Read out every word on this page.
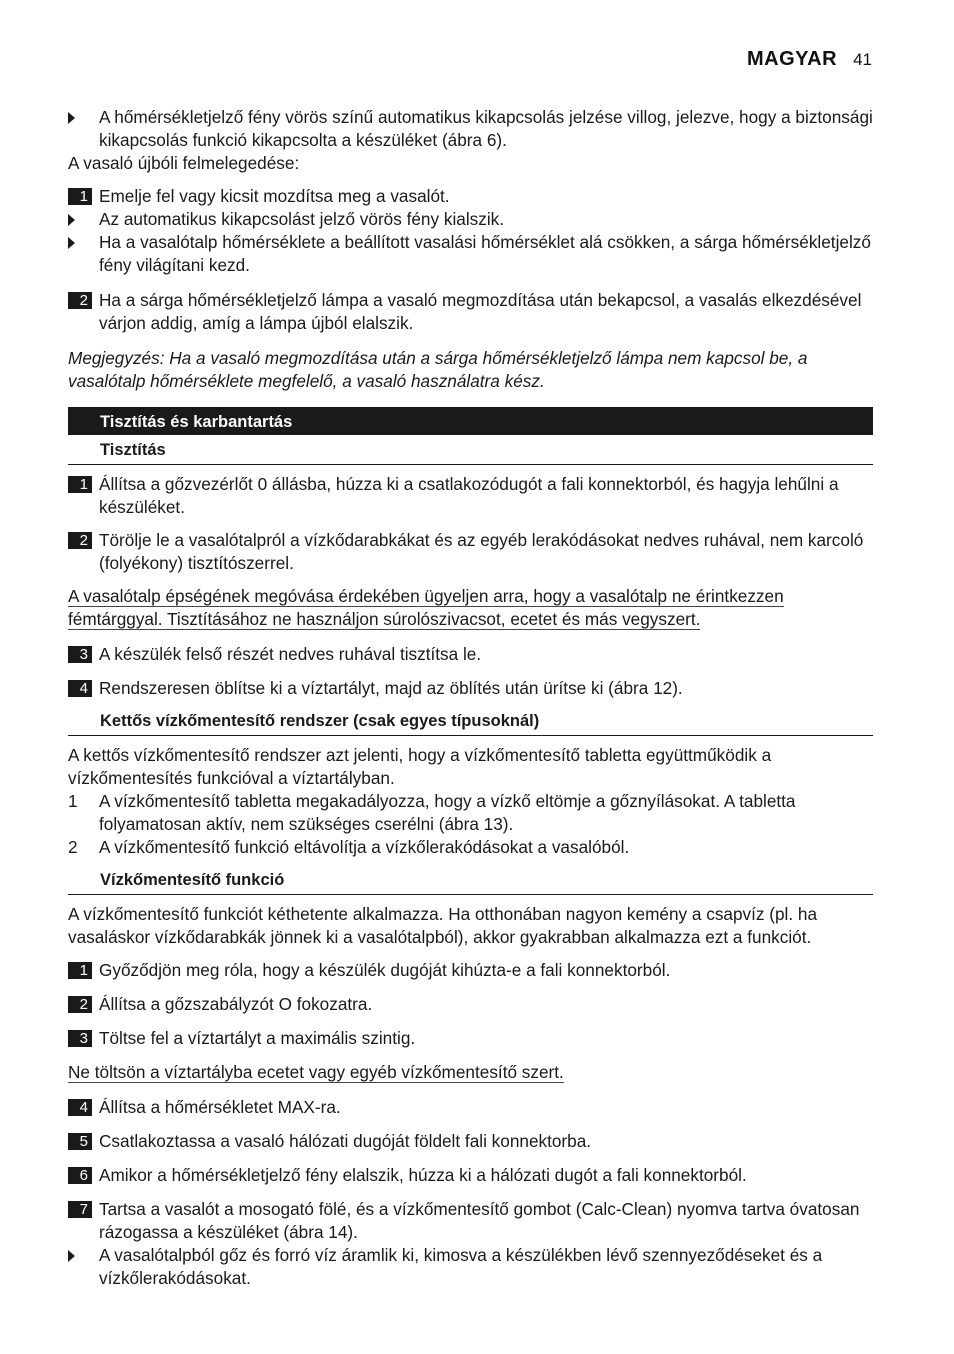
MAGYAR 41
A hőmérsékletjelző fény vörös színű automatikus kikapcsolás jelzése villog, jelezve, hogy a biztonsági kikapcsolás funkció kikapcsolta a készüléket (ábra 6).
A vasaló újbóli felmelegedése:
1 Emelje fel vagy kicsit mozdítsa meg a vasalót.
Az automatikus kikapcsolást jelző vörös fény kialszik.
Ha a vasalótalp hőmérséklete a beállított vasalási hőmérséklet alá csökken, a sárga hőmérsékletjelző fény világítani kezd.
2 Ha a sárga hőmérsékletjelző lámpa a vasaló megmozdítása után bekapcsol, a vasalás elkezdésével várjon addig, amíg a lámpa újból elalszik.
Megjegyzés: Ha a vasaló megmozdítása után a sárga hőmérsékletjelző lámpa nem kapcsol be, a vasalótalp hőmérséklete megfelelő, a vasaló használatra kész.
Tisztítás és karbantartás
Tisztítás
1 Állítsa a gőzvezérlőt 0 állásba, húzza ki a csatlakozódugót a fali konnektorból, és hagyja lehűlni a készüléket.
2 Törölje le a vasalótalpról a vízkődarabkákat és az egyéb lerakódásokat nedves ruhával, nem karcoló (folyékony) tisztítószerrel.
A vasalótalp épségének megóvása érdekében ügyeljen arra, hogy a vasalótalp ne érintkezzen
fémtárggyal. Tisztításához ne használjon súrolószivacsot, ecetet és más vegyszert.
3 A készülék felső részét nedves ruhával tisztítsa le.
4 Rendszeresen öblítse ki a víztartályt, majd az öblítés után ürítse ki (ábra 12).
Kettős vízkőmentesítő rendszer (csak egyes típusoknál)
A kettős vízkőmentesítő rendszer azt jelenti, hogy a vízkőmentesítő tabletta együttműködik a vízkőmentesítés funkcióval a víztartályban.
1 A vízkőmentesítő tabletta megakadályozza, hogy a vízkő eltömje a gőznyílásokat. A tabletta folyamatosan aktív, nem szükséges cserélni (ábra 13).
2 A vízkőmentesítő funkció eltávolítja a vízkőlerakódásokat a vasalóból.
Vízkőmentesítő funkció
A vízkőmentesítő funkciót kéthetente alkalmazza. Ha otthonában nagyon kemény a csapvíz (pl. ha vasaláskor vízkődarabkák jönnek ki a vasalótalpból), akkor gyakrabban alkalmazza ezt a funkciót.
1 Győződjön meg róla, hogy a készülék dugóját kihúzta-e a fali konnektorból.
2 Állítsa a gőzszabályzót O fokozatra.
3 Töltse fel a víztartályt a maximális szintig.
Ne töltsön a víztartályba ecetet vagy egyéb vízkőmentesítő szert.
4 Állítsa a hőmérsékletet MAX-ra.
5 Csatlakoztassa a vasaló hálózati dugóját földelt fali konnektorba.
6 Amikor a hőmérsékletjelző fény elalszik, húzza ki a hálózati dugót a fali konnektorból.
7 Tartsa a vasalót a mosogató fölé, és a vízkőmentesítő gombot (Calc-Clean) nyomva tartva óvatosan rázogassa a készüléket (ábra 14).
A vasalótalpból gőz és forró víz áramlik ki, kimosva a készülékben lévő szennyeződéseket és a vízkőlerakódásokat.
